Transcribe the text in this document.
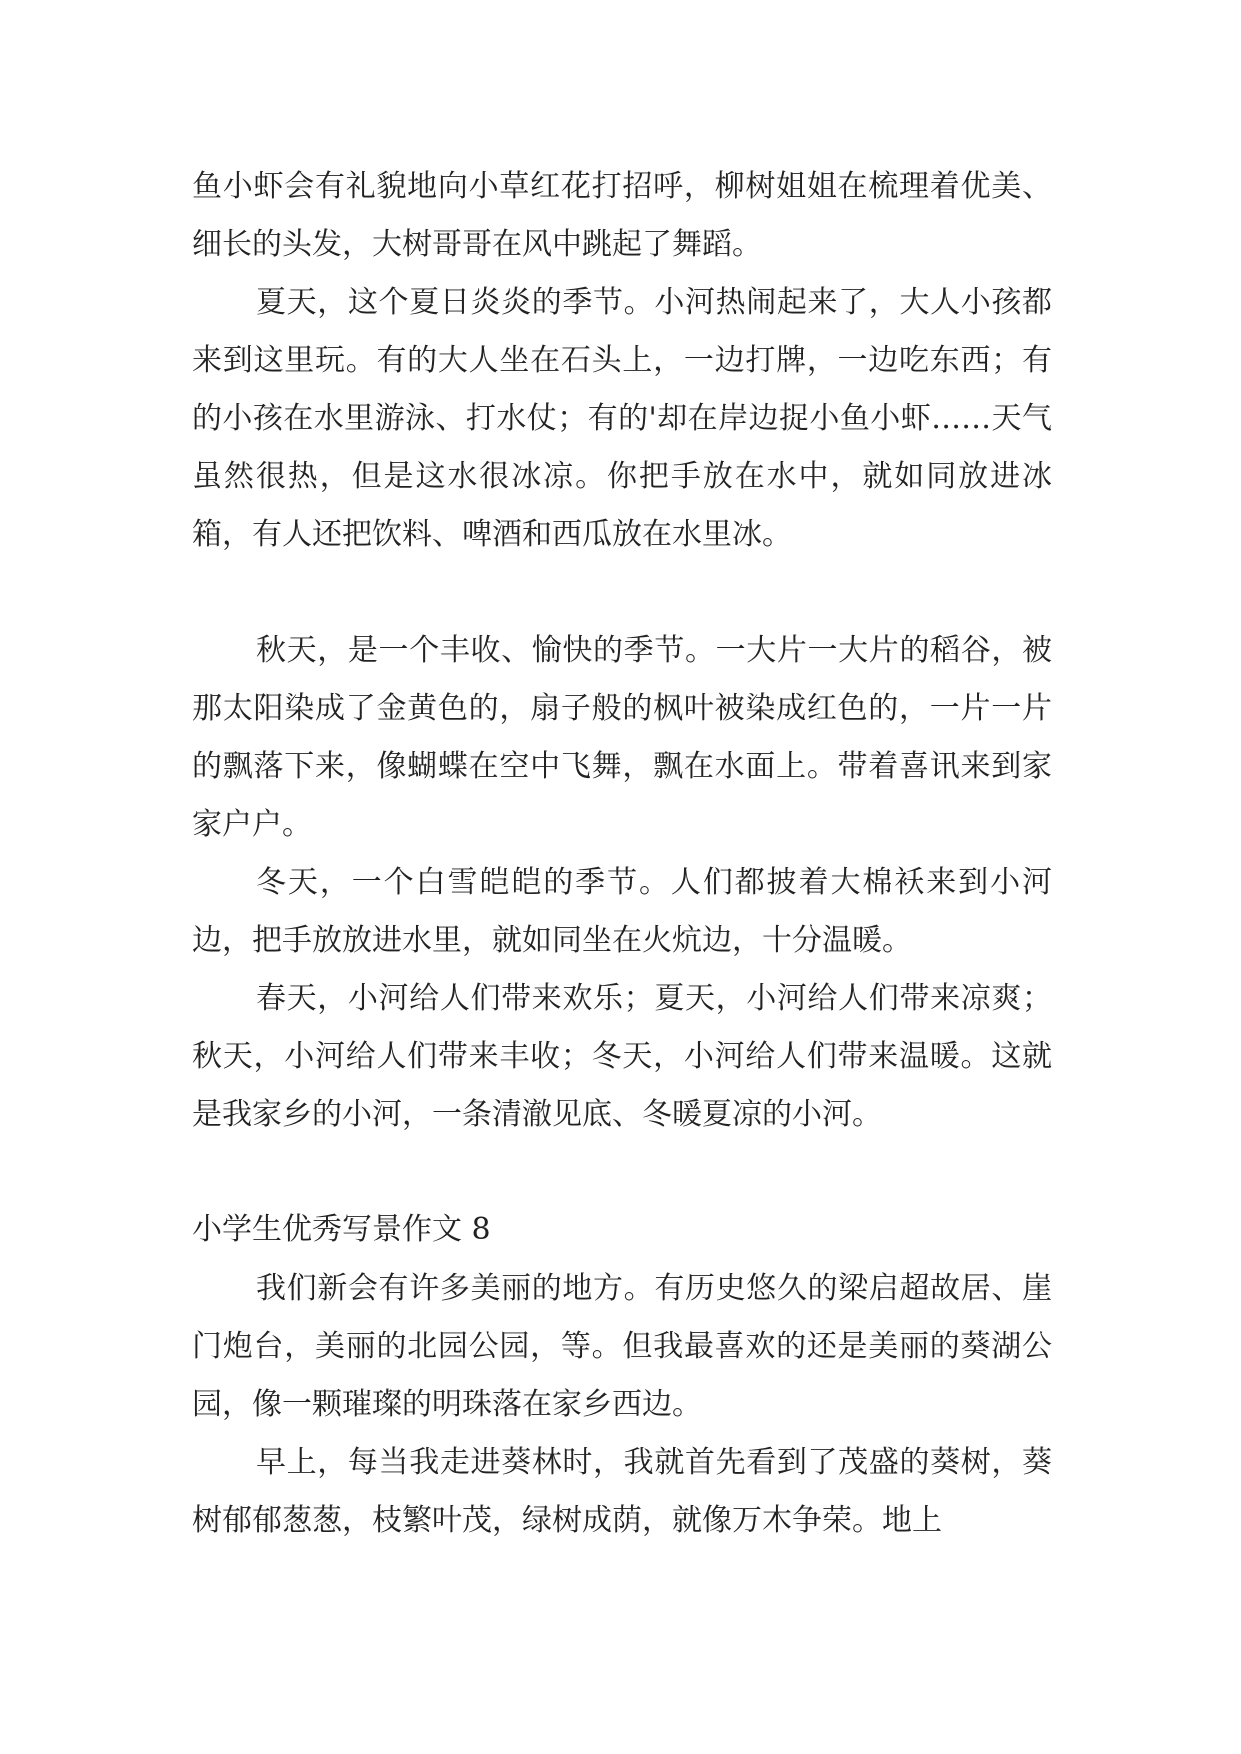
鱼小虾会有礼貌地向小草红花打招呼，柳树姐姐在梳理着优美、细长的头发，大树哥哥在风中跳起了舞蹈。

夏天，这个夏日炎炎的季节。小河热闹起来了，大人小孩都来到这里玩。有的大人坐在石头上，一边打牌，一边吃东西；有的小孩在水里游泳、打水仗；有的'却在岸边捉小鱼小虾……天气虽然很热，但是这水很冰凉。你把手放在水中，就如同放进冰箱，有人还把饮料、啤酒和西瓜放在水里冰。

秋天，是一个丰收、愉快的季节。一大片一大片的稻谷，被那太阳染成了金黄色的，扇子般的枫叶被染成红色的，一片一片的飘落下来，像蝴蝶在空中飞舞，飘在水面上。带着喜讯来到家家户户。

冬天，一个白雪皑皑的季节。人们都披着大棉袄来到小河边，把手放放进水里，就如同坐在火炕边，十分温暖。

春天，小河给人们带来欢乐；夏天，小河给人们带来凉爽；秋天，小河给人们带来丰收；冬天，小河给人们带来温暖。这就是我家乡的小河，一条清澈见底、冬暖夏凉的小河。

小学生优秀写景作文 8

我们新会有许多美丽的地方。有历史悠久的梁启超故居、崖门炮台，美丽的北园公园，等。但我最喜欢的还是美丽的葵湖公园，像一颗璀璨的明珠落在家乡西边。

早上，每当我走进葵林时，我就首先看到了茂盛的葵树，葵树郁郁葱葱，枝繁叶茂，绿树成荫，就像万木争荣。地上
